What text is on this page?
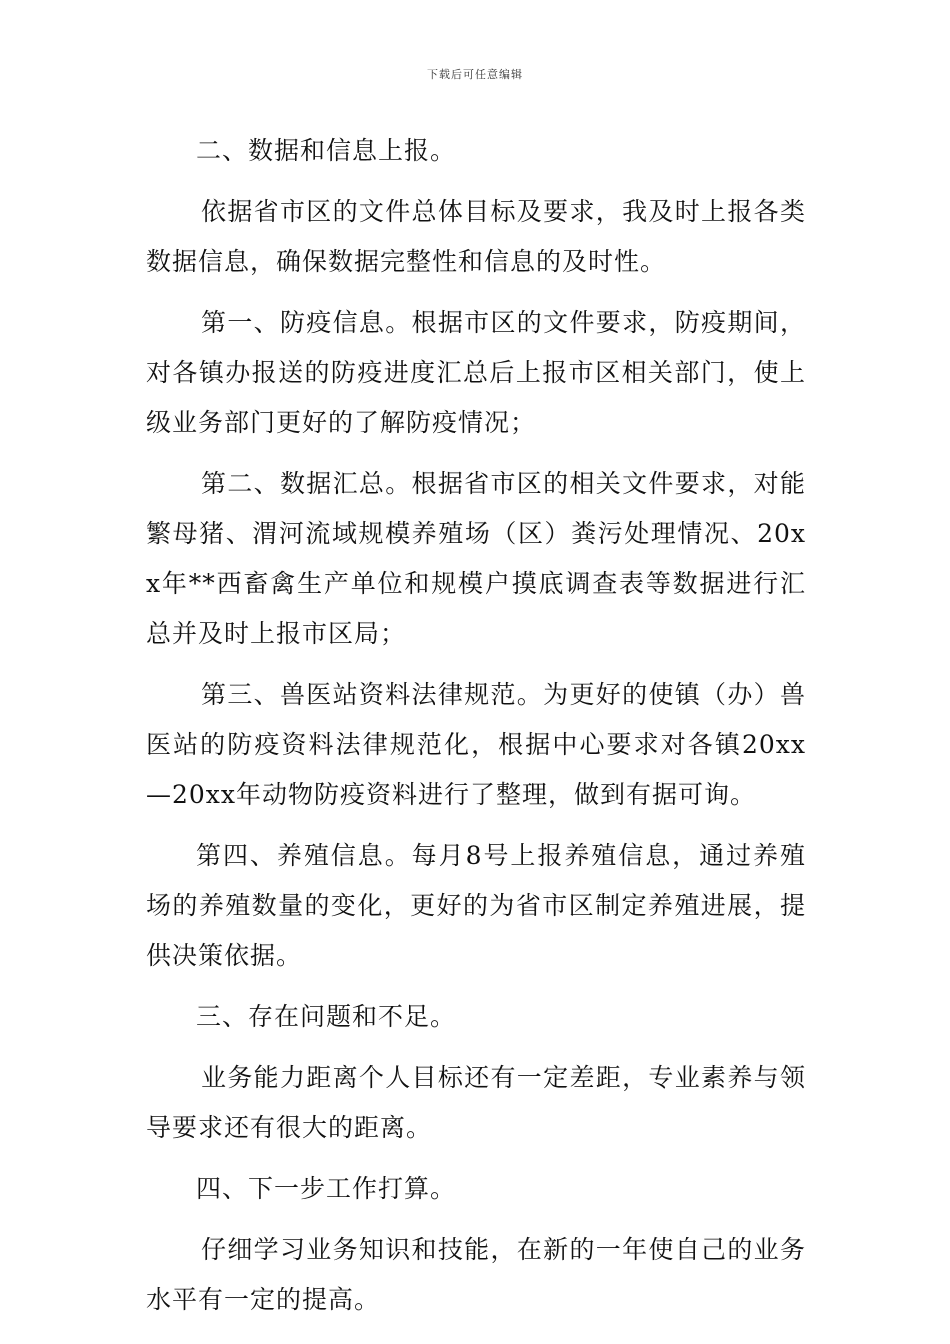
下载后可任意编辑

二、数据和信息上报。

依据省市区的文件总体目标及要求，我及时上报各类数据信息，确保数据完整性和信息的及时性。

第一、防疫信息。根据市区的文件要求，防疫期间，对各镇办报送的防疫进度汇总后上报市区相关部门，使上级业务部门更好的了解防疫情况；

第二、数据汇总。根据省市区的相关文件要求，对能繁母猪、渭河流域规模养殖场（区）粪污处理情况、20xx年**西畜禽生产单位和规模户摸底调查表等数据进行汇总并及时上报市区局；

第三、兽医站资料法律规范。为更好的使镇（办）兽医站的防疫资料法律规范化，根据中心要求对各镇20xx—20xx年动物防疫资料进行了整理，做到有据可询。

第四、养殖信息。每月8号上报养殖信息，通过养殖场的养殖数量的变化，更好的为省市区制定养殖进展，提供决策依据。

三、存在问题和不足。

业务能力距离个人目标还有一定差距，专业素养与领导要求还有很大的距离。

四、下一步工作打算。

仔细学习业务知识和技能，在新的一年使自己的业务水平有一定的提高。
